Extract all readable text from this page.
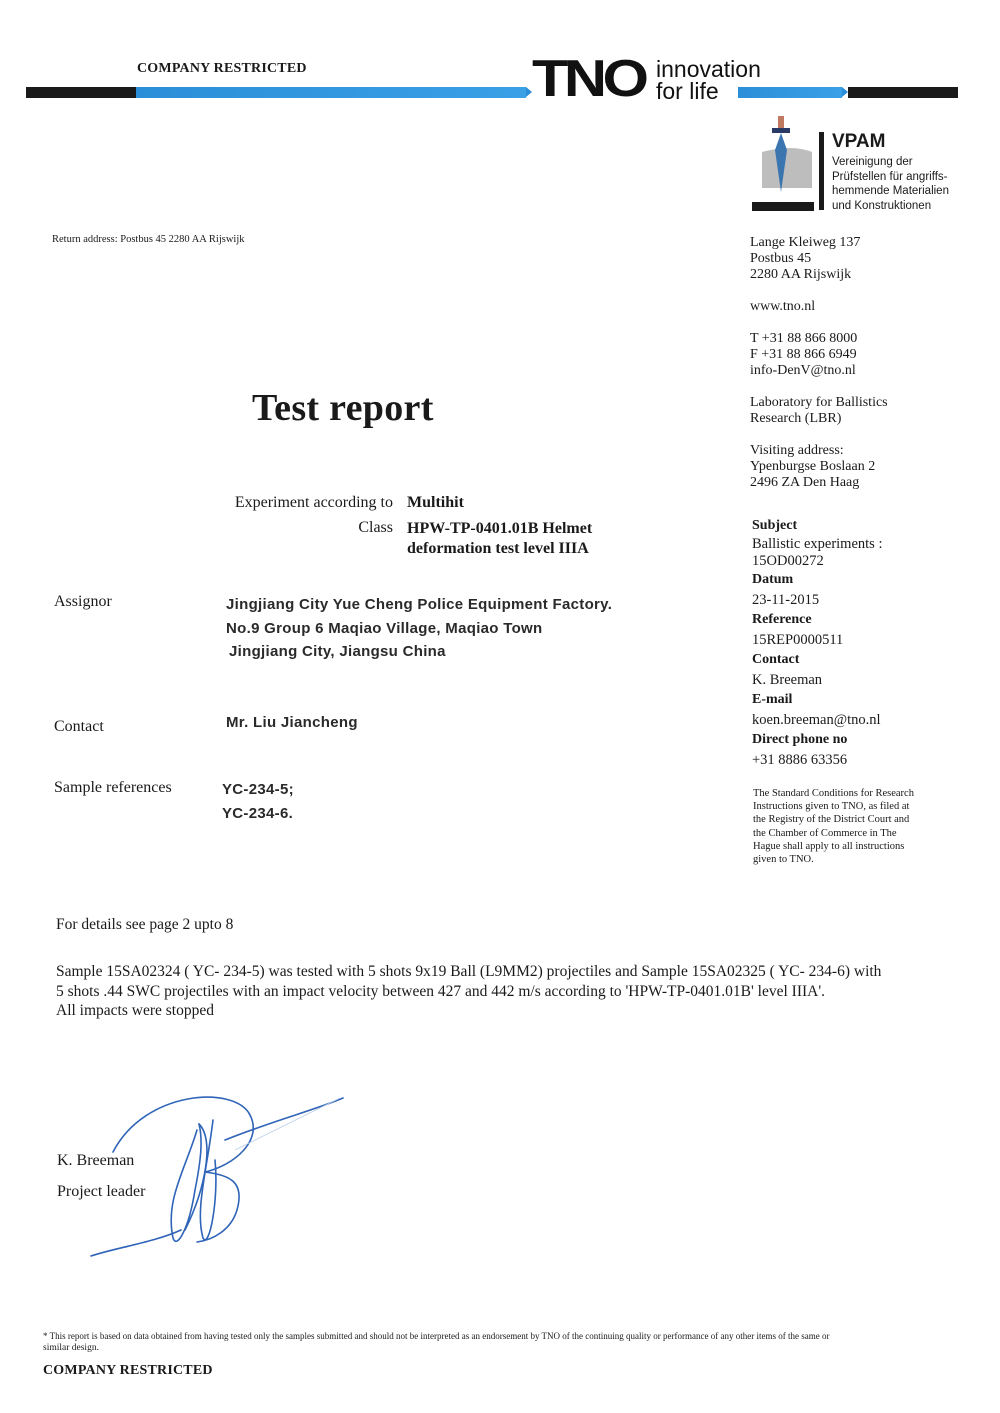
COMPANY RESTRICTED	TNO innovation
for life
VPAM
Vereinigung der
Prüfstellen für angriffs-
hemmende Materialien
und Konstruktionen
Return address: Postbus 45 2280 AA Rijswijk	Lange Kleiweg 137
Postbus 45
2280 AA Rijswijk
www.tno.nl
T +31 88 866 8000
F +31 88 866 6949
info-DenV@tno.nl
Laboratory for Ballistics
Research (LBR)
Visiting address:
Ypenburgse Boslaan 2
2496 ZA Den Haag
Test report
Experiment according to Multihit
Class HPW-TP-0401.01B Helmet
deformation test level IIIA
Subject
Ballistic experiments :
15OD00272
Datum
23-11-2015
Reference
15REP0000511
Contact
K. Breeman
E-mail
koen.breeman@tno.nl
Direct phone no
+31 8886 63356
The Standard Conditions for Research
Instructions given to TNO, as filed at
the Registry of the District Court and
the Chamber of Commerce in The
Hague shall apply to all instructions
given to TNO.
Assignor	Jingjiang City Yue Cheng Police Equipment Factory.
No.9 Group 6 Maqiao Village, Maqiao Town
Jingjiang City, Jiangsu China
Contact	Mr. Liu Jiancheng
Sample references	YC-234-5;
YC-234-6.
For details see page 2 upto 8
Sample 15SA02324 ( YC- 234-5) was tested with 5 shots 9x19 Ball (L9MM2) projectiles and Sample 15SA02325 ( YC- 234-6) with
5 shots .44 SWC projectiles with an impact velocity between 427 and 442 m/s according to 'HPW-TP-0401.01B' level IIIA'.
All impacts were stopped
K. Breeman
Project leader
* This report is based on data obtained from having tested only the samples submitted and should not be interpreted as an endorsement by TNO of the continuing quality or performance of any other items of the same or
similar design.
COMPANY RESTRICTED
